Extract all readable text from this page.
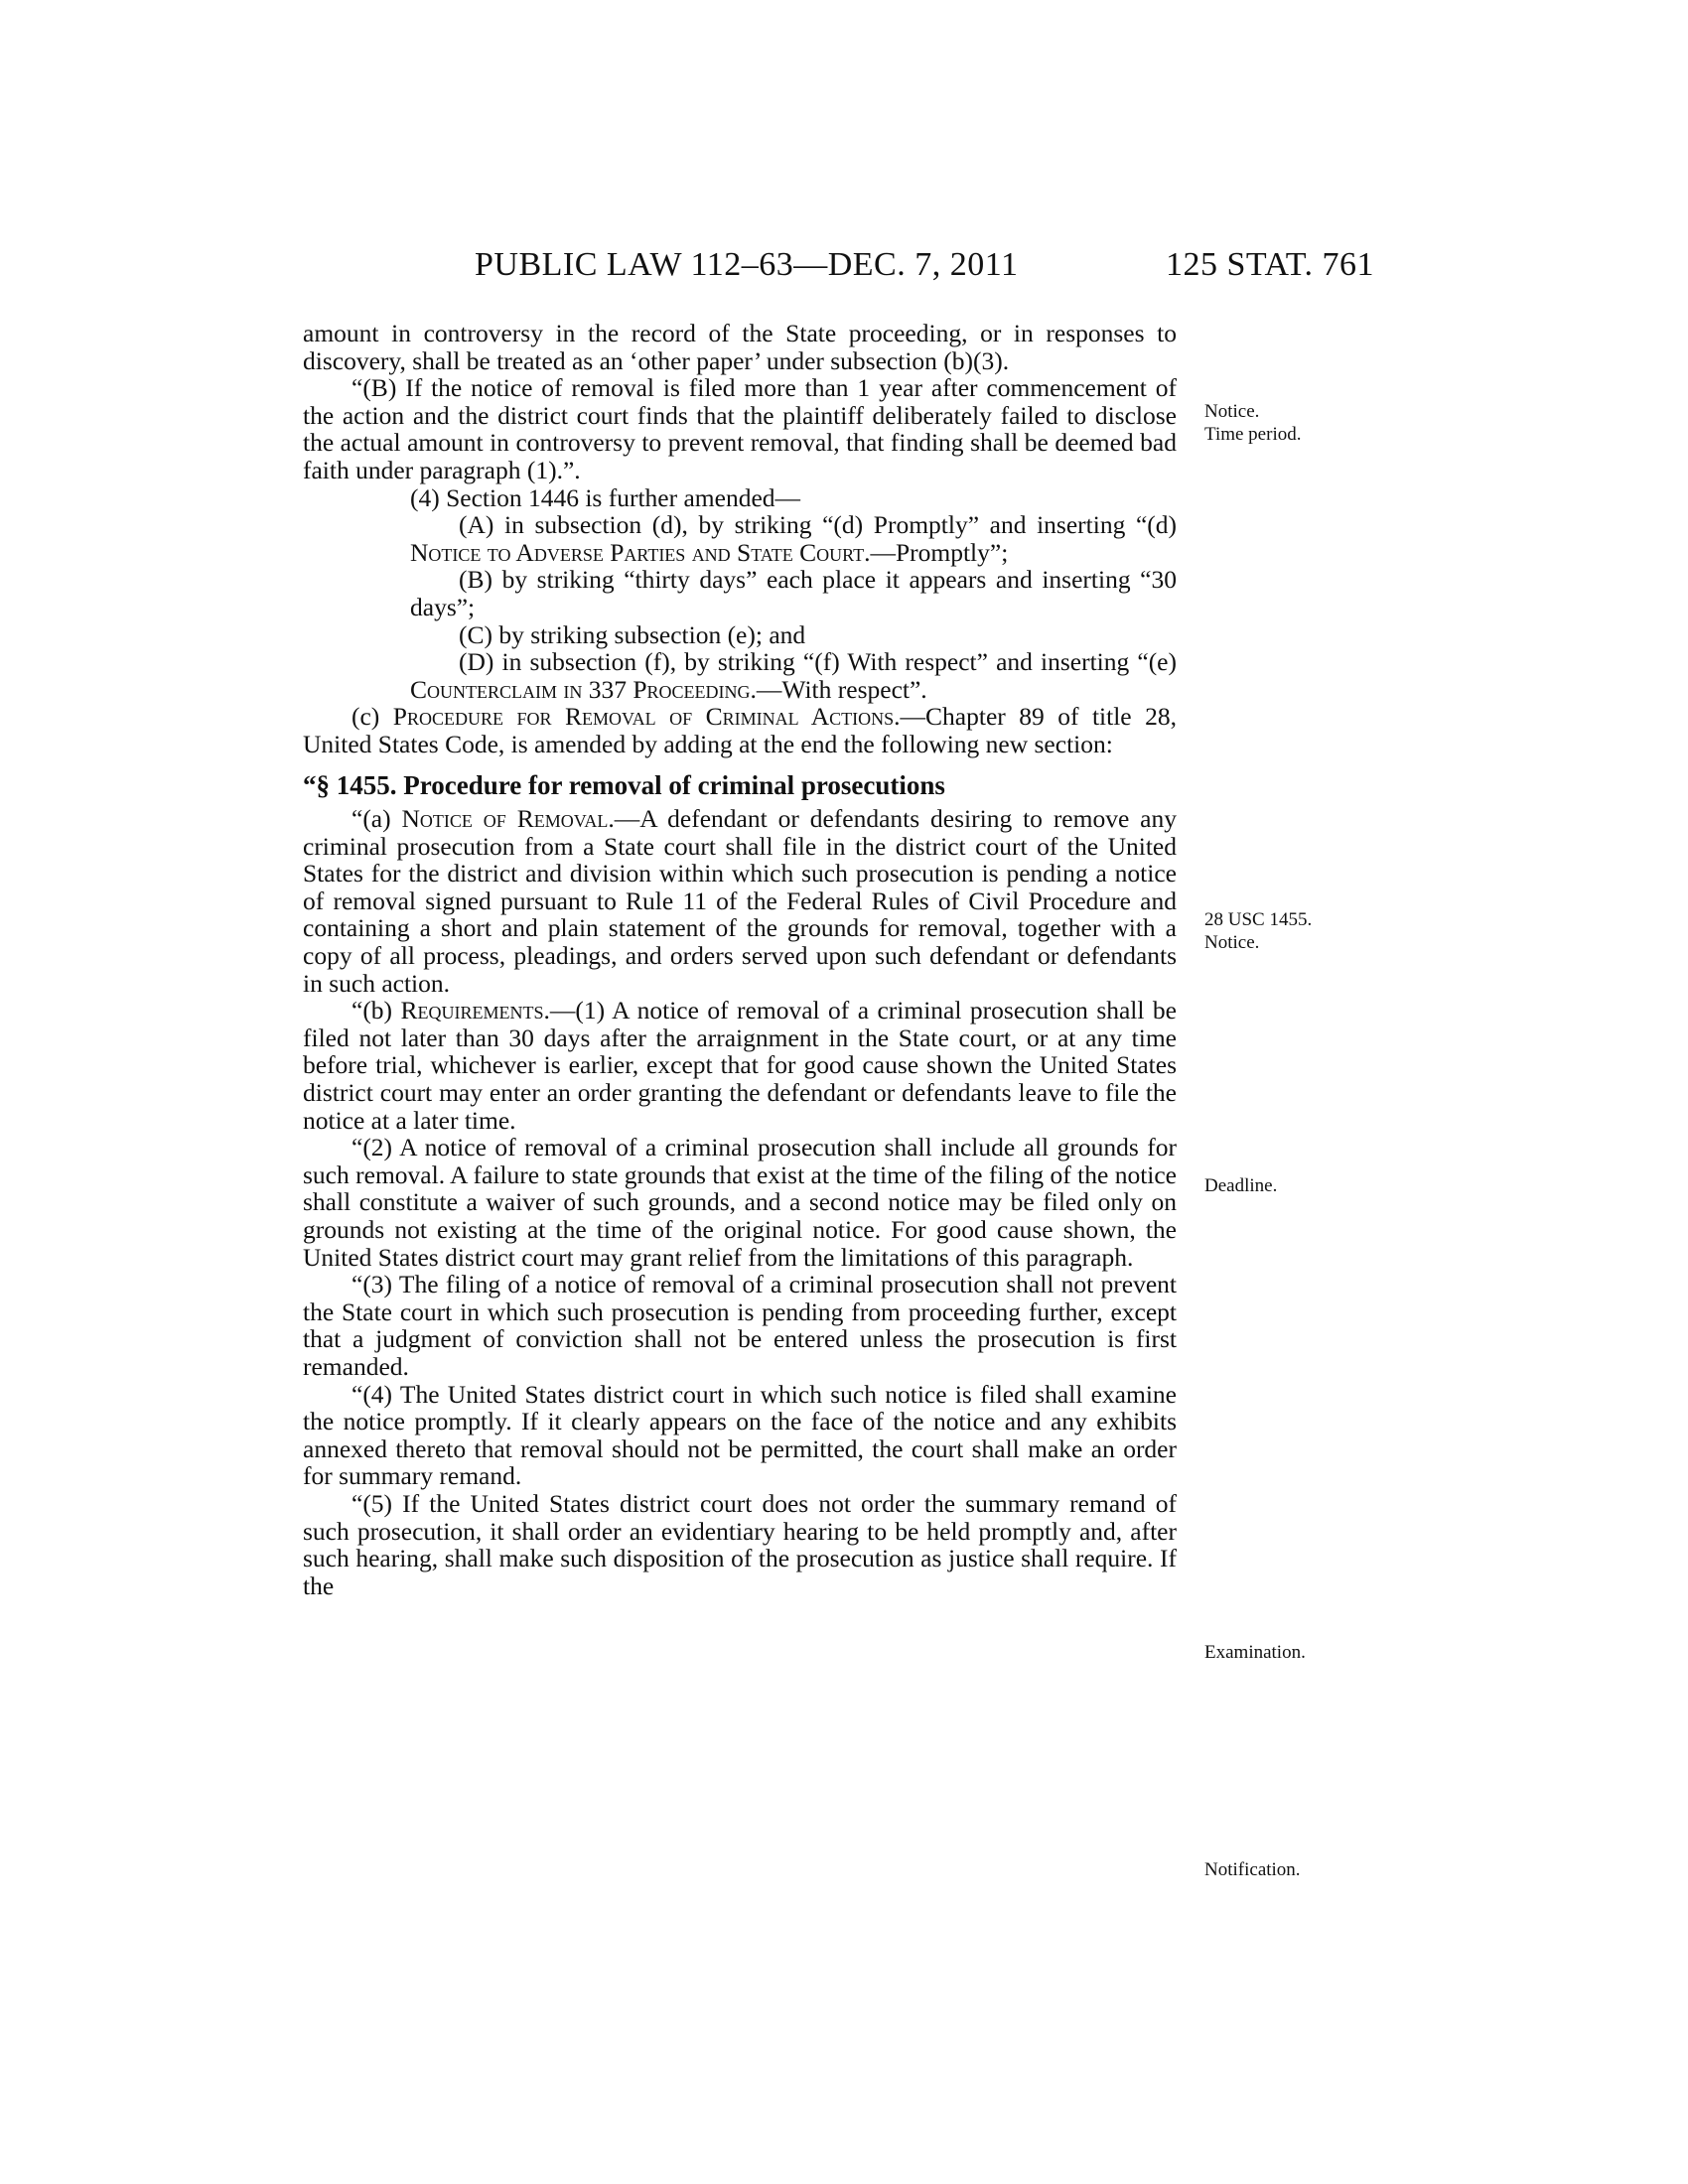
PUBLIC LAW 112–63—DEC. 7, 2011	125 STAT. 761

amount in controversy in the record of the State proceeding, or in responses to discovery, shall be treated as an ‘other paper’ under subsection (b)(3).

“(B) If the notice of removal is filed more than 1 year after commencement of the action and the district court finds that the plaintiff deliberately failed to disclose the actual amount in controversy to prevent removal, that finding shall be deemed bad faith under paragraph (1).”.

(4) Section 1446 is further amended—

(A) in subsection (d), by striking “(d) Promptly” and inserting “(d) Notice to Adverse Parties and State Court.—Promptly”;

(B) by striking “thirty days” each place it appears and inserting “30 days”;

(C) by striking subsection (e); and

(D) in subsection (f), by striking “(f) With respect” and inserting “(e) Counterclaim in 337 Proceeding.—With respect”.

(c) Procedure for Removal of Criminal Actions.—Chapter 89 of title 28, United States Code, is amended by adding at the end the following new section:

“§ 1455. Procedure for removal of criminal prosecutions

“(a) Notice of Removal.—A defendant or defendants desiring to remove any criminal prosecution from a State court shall file in the district court of the United States for the district and division within which such prosecution is pending a notice of removal signed pursuant to Rule 11 of the Federal Rules of Civil Procedure and containing a short and plain statement of the grounds for removal, together with a copy of all process, pleadings, and orders served upon such defendant or defendants in such action.

“(b) Requirements.—(1) A notice of removal of a criminal prosecution shall be filed not later than 30 days after the arraignment in the State court, or at any time before trial, whichever is earlier, except that for good cause shown the United States district court may enter an order granting the defendant or defendants leave to file the notice at a later time.

“(2) A notice of removal of a criminal prosecution shall include all grounds for such removal. A failure to state grounds that exist at the time of the filing of the notice shall constitute a waiver of such grounds, and a second notice may be filed only on grounds not existing at the time of the original notice. For good cause shown, the United States district court may grant relief from the limitations of this paragraph.

“(3) The filing of a notice of removal of a criminal prosecution shall not prevent the State court in which such prosecution is pending from proceeding further, except that a judgment of conviction shall not be entered unless the prosecution is first remanded.

“(4) The United States district court in which such notice is filed shall examine the notice promptly. If it clearly appears on the face of the notice and any exhibits annexed thereto that removal should not be permitted, the court shall make an order for summary remand.

“(5) If the United States district court does not order the summary remand of such prosecution, it shall order an evidentiary hearing to be held promptly and, after such hearing, shall make such disposition of the prosecution as justice shall require. If the

Notice.
Time period.
28 USC 1455.
Notice.
Deadline.
Examination.
Notification.
